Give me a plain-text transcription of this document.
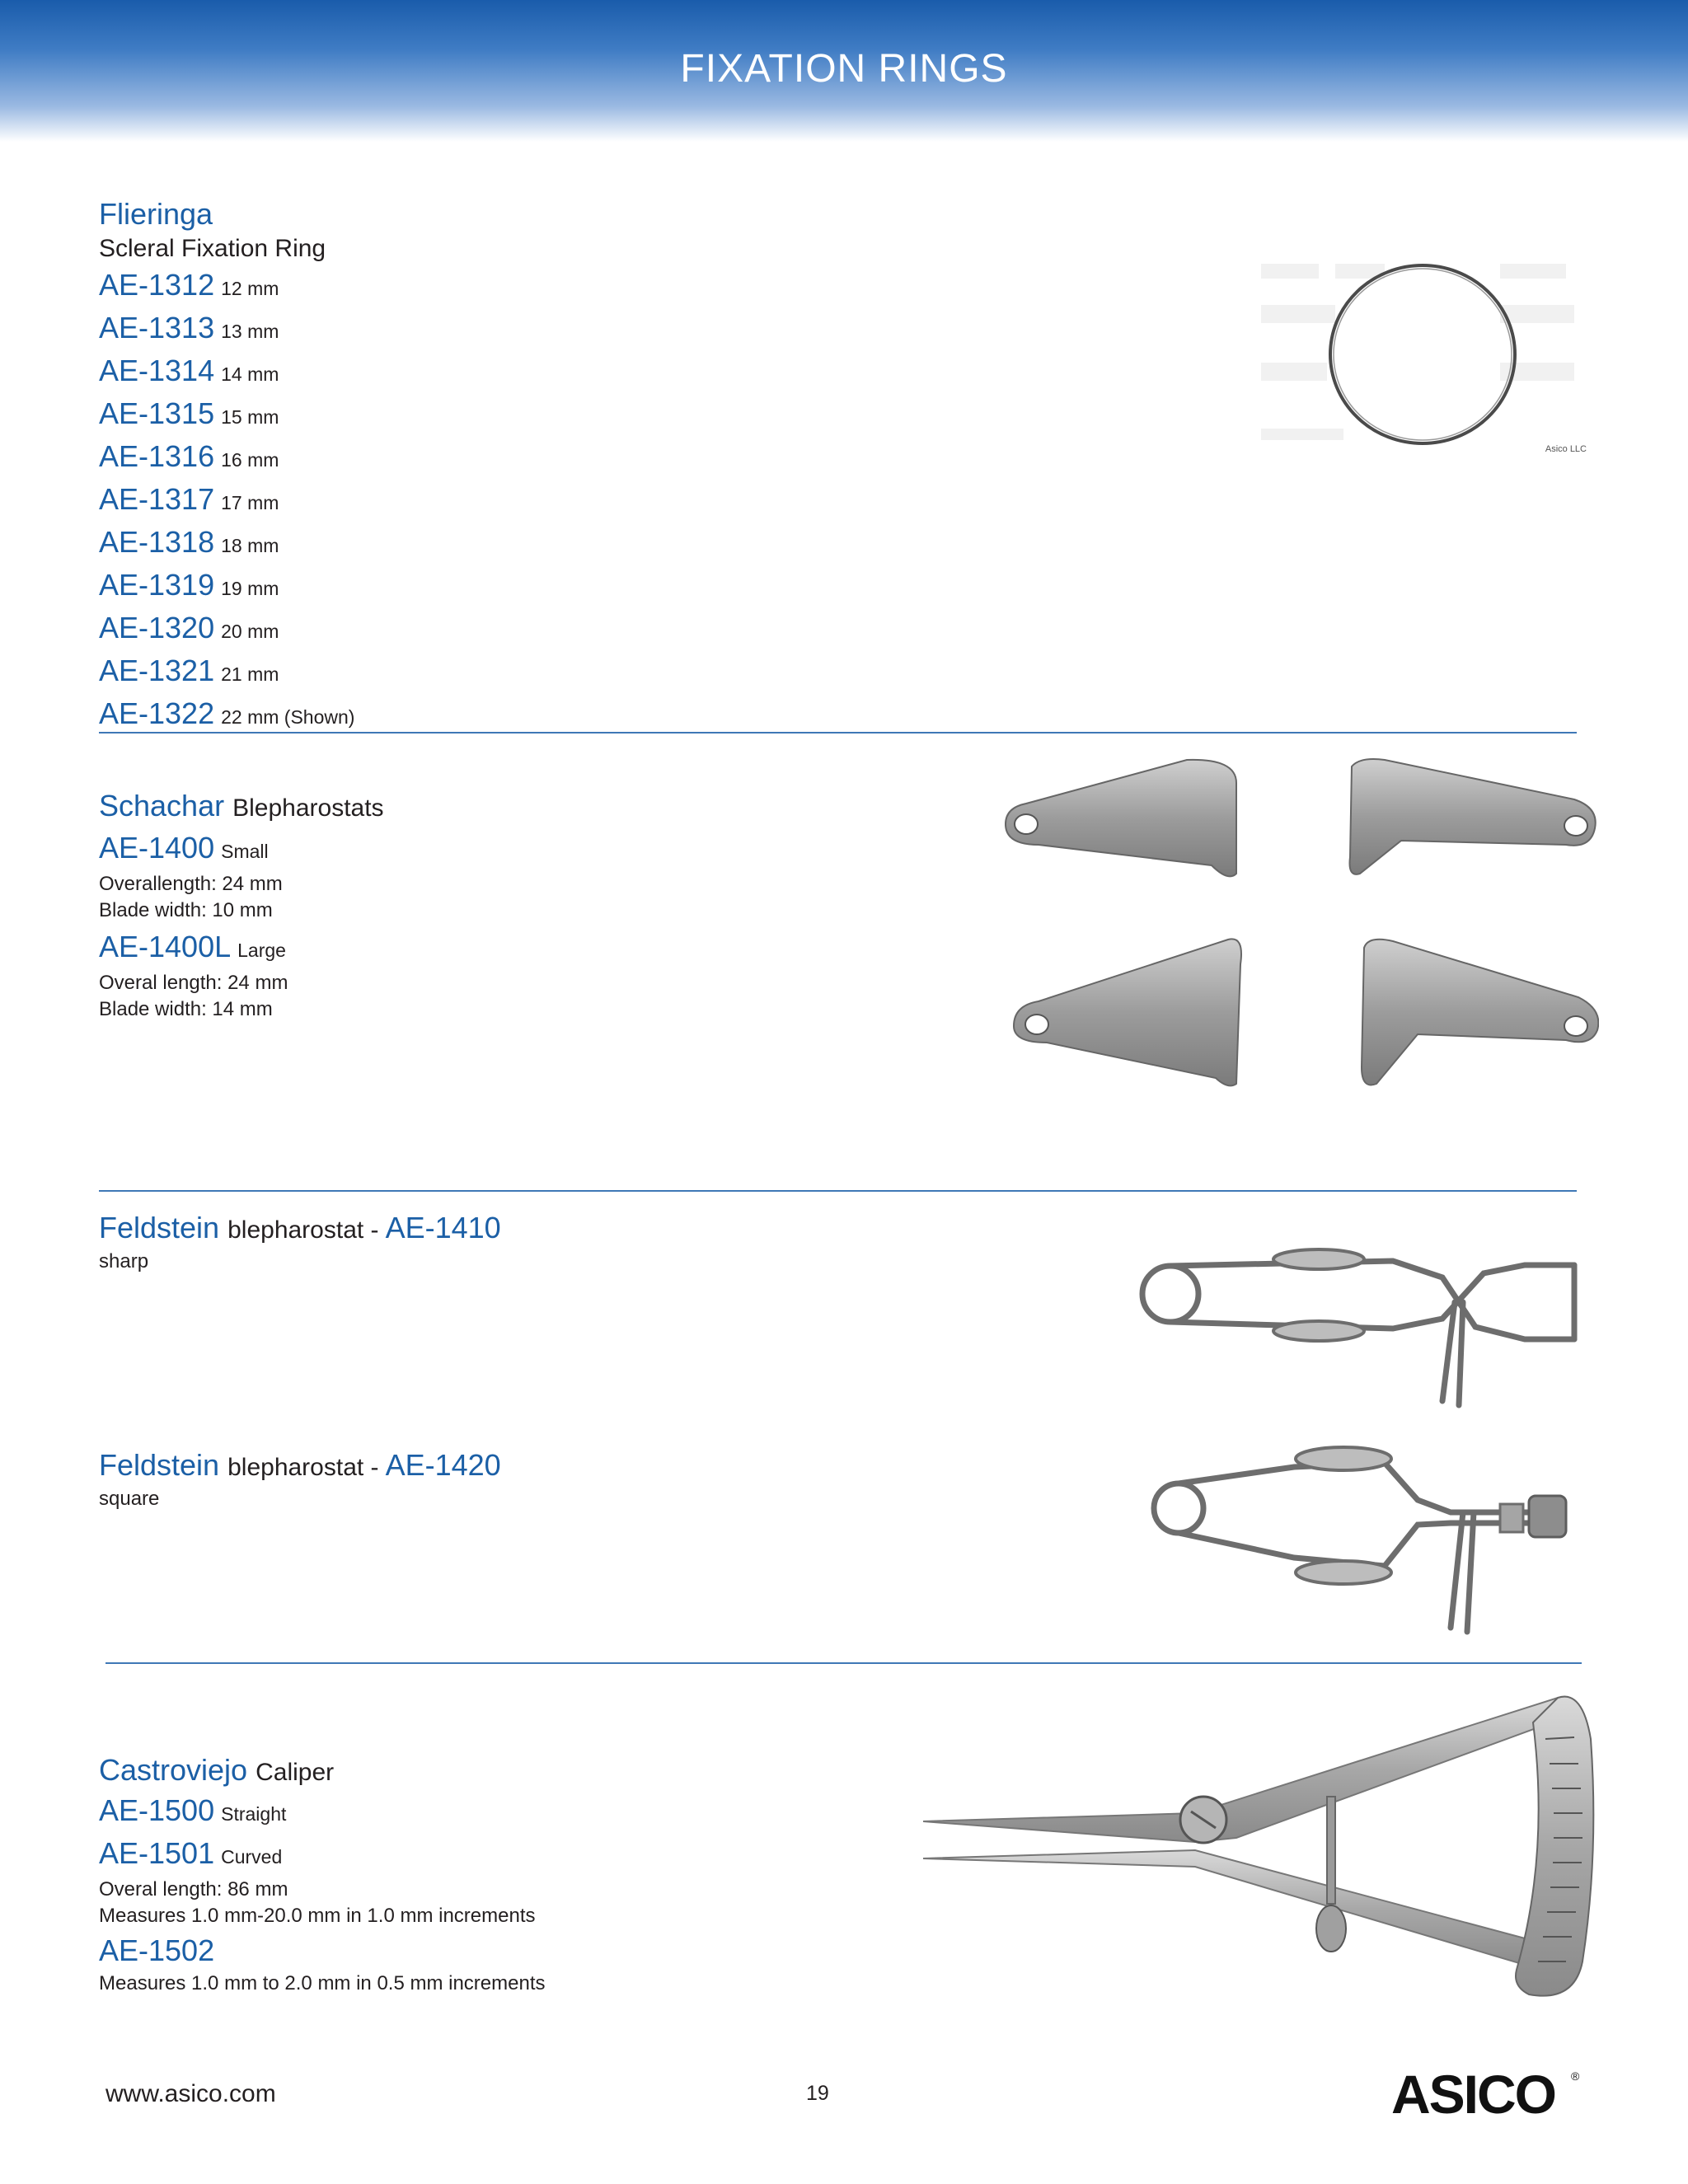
FIXATION RINGS
Flieringa
Scleral Fixation Ring
AE-1312 12 mm
AE-1313 13 mm
AE-1314 14 mm
AE-1315 15 mm
AE-1316 16 mm
AE-1317 17 mm
AE-1318 18 mm
AE-1319 19 mm
AE-1320 20 mm
AE-1321 21 mm
AE-1322 22 mm (Shown)
Asico LLC
Schachar Blepharostats
AE-1400 Small
Overallength: 24 mm
Blade width: 10 mm
AE-1400L Large
Overal length: 24 mm
Blade width: 14 mm
Feldstein blepharostat - AE-1410
sharp
Feldstein blepharostat - AE-1420
square
Castroviejo Caliper
AE-1500 Straight
AE-1501 Curved
Overal length: 86 mm
Measures 1.0 mm-20.0 mm in 1.0 mm increments
AE-1502
Measures 1.0 mm to 2.0 mm in 0.5 mm increments
www.asico.com	19	ASICO ®
